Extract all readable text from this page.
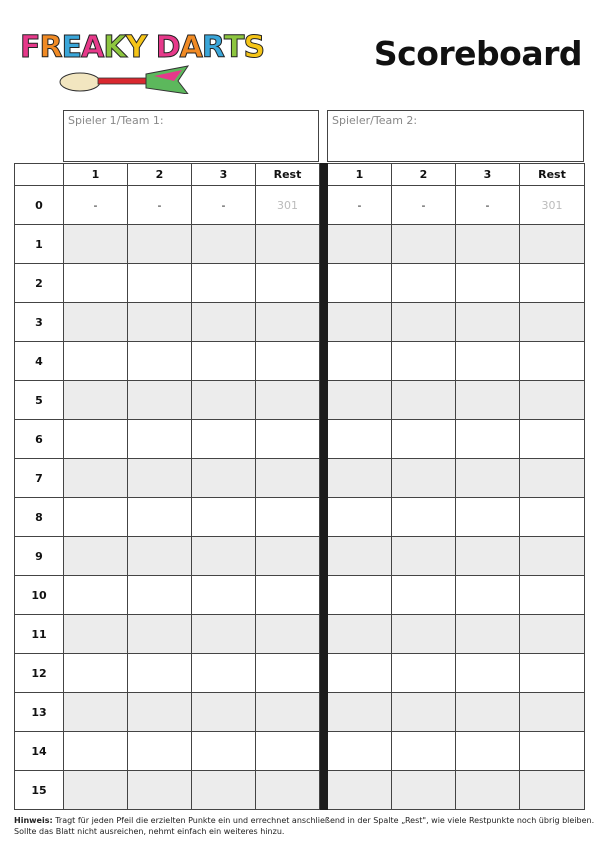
FREAKY DARTS	Scoreboard
Spieler 1/Team 1:	Spieler/Team 2:
	1	2	3	Rest		1	2	3	Rest
0	-	-	-	301		-	-	-	301
1									
2									
3									
4									
5									
6									
7									
8									
9									
10									
11									
12									
13									
14									
15									
Hinweis: Tragt für jeden Pfeil die erzielten Punkte ein und errechnet anschließend in der Spalte „Rest", wie viele Restpunkte noch übrig bleiben. Sollte das Blatt nicht ausreichen, nehmt einfach ein weiteres hinzu.
